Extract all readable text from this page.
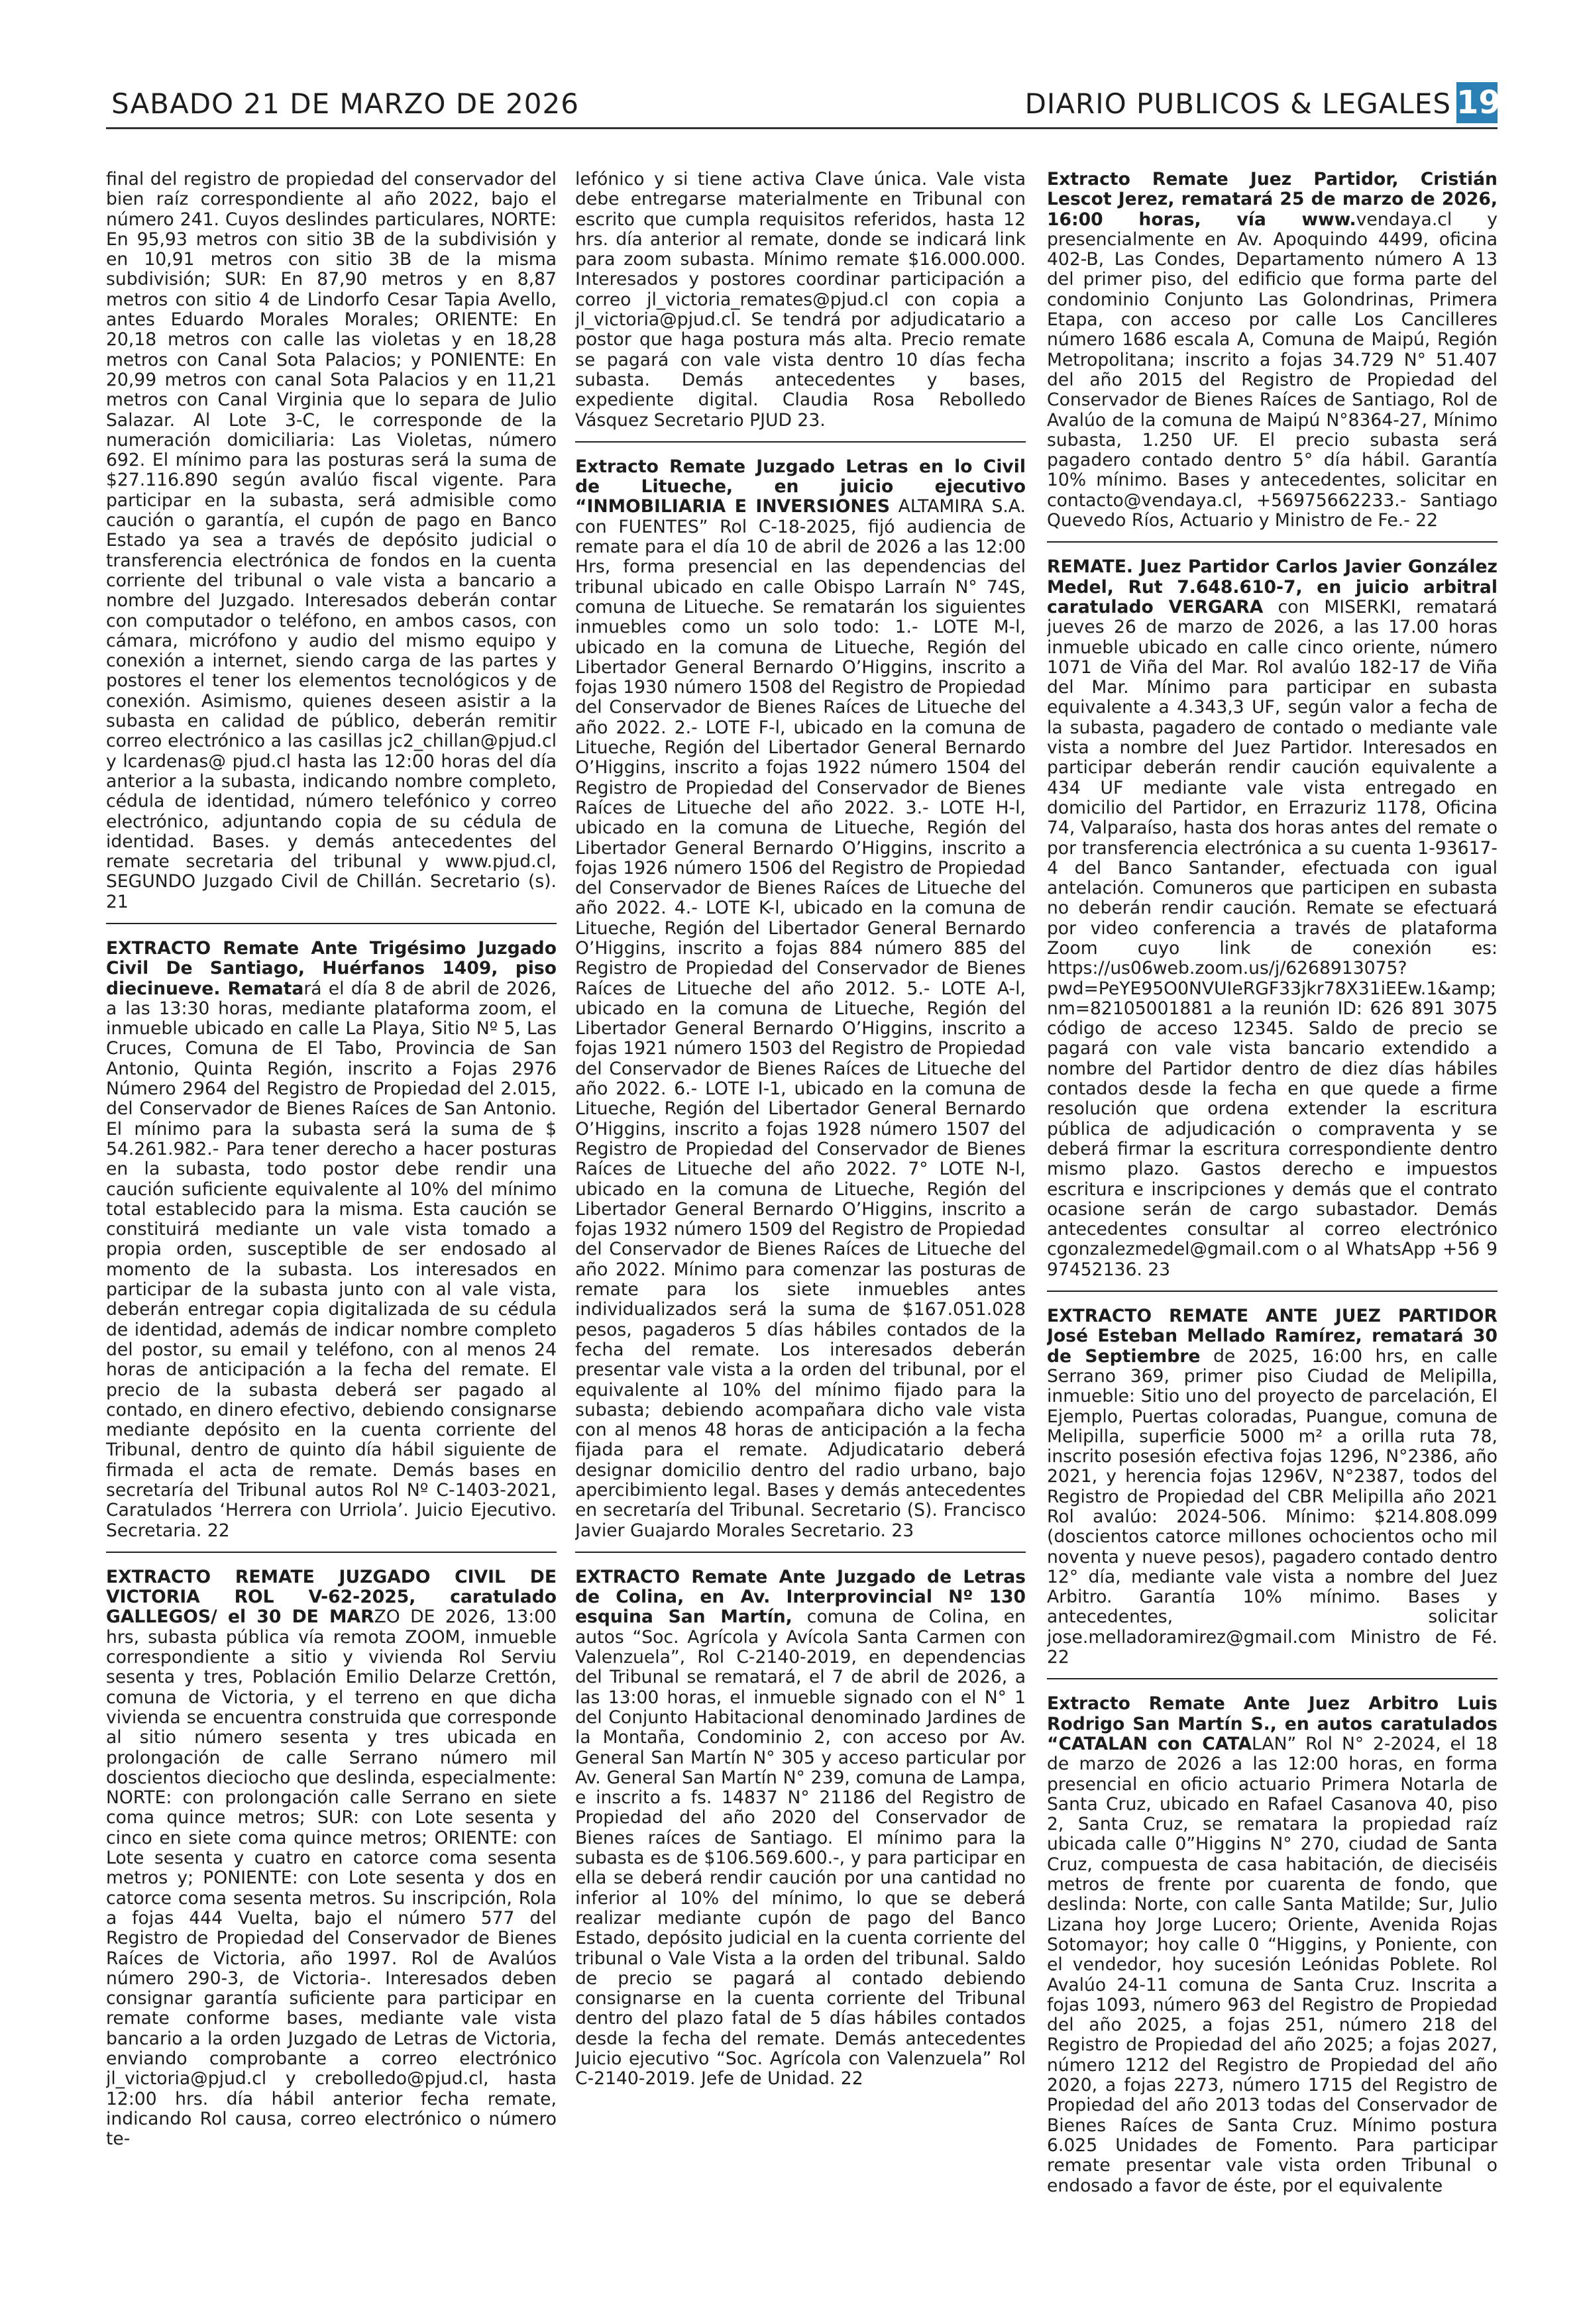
SABADO 21 DE MARZO DE 2026	DIARIO PUBLICOS & LEGALES 19

final del registro de propiedad del conservador del bien raíz correspondiente al año 2022, bajo el número 241. Cuyos deslindes particulares, NORTE: En 95,93 metros con sitio 3B de la subdivisión y en 10,91 metros con sitio 3B de la misma subdivisión; SUR: En 87,90 metros y en 8,87 metros con sitio 4 de Lindorfo Cesar Tapia Avello, antes Eduardo Morales Morales; ORIENTE: En 20,18 metros con calle las violetas y en 18,28 metros con Canal Sota Palacios; y PONIENTE: En 20,99 metros con canal Sota Palacios y en 11,21 metros con Canal Virginia que lo separa de Julio Salazar. Al Lote 3-C, le corresponde de la numeración domiciliaria: Las Violetas, número 692. El mínimo para las posturas será la suma de $27.116.890 según avalúo fiscal vigente. Para participar en la subasta, será admisible como caución o garantía, el cupón de pago en Banco Estado ya sea a través de depósito judicial o transferencia electrónica de fondos en la cuenta corriente del tribunal o vale vista a bancario a nombre del Juzgado. Interesados deberán contar con computador o teléfono, en ambos casos, con cámara, micrófono y audio del mismo equipo y conexión a internet, siendo carga de las partes y postores el tener los elementos tecnológicos y de conexión. Asimismo, quienes deseen asistir a la subasta en calidad de público, deberán remitir correo electrónico a las casillas jc2_chillan@pjud.cl y lcardenas@ pjud.cl hasta las 12:00 horas del día anterior a la subasta, indicando nombre completo, cédula de identidad, número telefónico y correo electrónico, adjuntando copia de su cédula de identidad. Bases. y demás antecedentes del remate secretaria del tribunal y www.pjud.cl, SEGUNDO Juzgado Civil de Chillán. Secretario (s). 21

EXTRACTO Remate Ante Trigésimo Juzgado Civil De Santiago, Huérfanos 1409, piso diecinueve. Rematará el día 8 de abril de 2026, a las 13:30 horas, mediante plataforma zoom, el inmueble ubicado en calle La Playa, Sitio Nº 5, Las Cruces, Comuna de El Tabo, Provincia de San Antonio, Quinta Región, inscrito a Fojas 2976 Número 2964 del Registro de Propiedad del 2.015, del Conservador de Bienes Raíces de San Antonio. El mínimo para la subasta será la suma de $ 54.261.982.- Para tener derecho a hacer posturas en la subasta, todo postor debe rendir una caución suficiente equivalente al 10% del mínimo total establecido para la misma. Esta caución se constituirá mediante un vale vista tomado a propia orden, susceptible de ser endosado al momento de la subasta. Los interesados en participar de la subasta junto con al vale vista, deberán entregar copia digitalizada de su cédula de identidad, además de indicar nombre completo del postor, su email y teléfono, con al menos 24 horas de anticipación a la fecha del remate. El precio de la subasta deberá ser pagado al contado, en dinero efectivo, debiendo consignarse mediante depósito en la cuenta corriente del Tribunal, dentro de quinto día hábil siguiente de firmada el acta de remate. Demás bases en secretaría del Tribunal autos Rol Nº C-1403-2021, Caratulados ‘Herrera con Urriola’. Juicio Ejecutivo. Secretaria. 22

EXTRACTO REMATE JUZGADO CIVIL DE VICTORIA ROL V-62-2025, caratulado GALLEGOS/ el 30 DE MARZO DE 2026, 13:00 hrs, subasta pública vía remota ZOOM, inmueble correspondiente a sitio y vivienda Rol Serviu sesenta y tres, Población Emilio Delarze Crettón, comuna de Victoria, y el terreno en que dicha vivienda se encuentra construida que corresponde al sitio número sesenta y tres ubicada en prolongación de calle Serrano número mil doscientos dieciocho que deslinda, especialmente: NORTE: con prolongación calle Serrano en siete coma quince metros; SUR: con Lote sesenta y cinco en siete coma quince metros; ORIENTE: con Lote sesenta y cuatro en catorce coma sesenta metros y; PONIENTE: con Lote sesenta y dos en catorce coma sesenta metros. Su inscripción, Rola a fojas 444 Vuelta, bajo el número 577 del Registro de Propiedad del Conservador de Bienes Raíces de Victoria, año 1997. Rol de Avalúos número 290-3, de Victoria-. Interesados deben consignar garantía suficiente para participar en remate conforme bases, mediante vale vista bancario a la orden Juzgado de Letras de Victoria, enviando comprobante a correo electrónico jl_victoria@pjud.cl y crebolledo@pjud.cl, hasta 12:00 hrs. día hábil anterior fecha remate, indicando Rol causa, correo electrónico o número te-

lefónico y si tiene activa Clave única. Vale vista debe entregarse materialmente en Tribunal con escrito que cumpla requisitos referidos, hasta 12 hrs. día anterior al remate, donde se indicará link para zoom subasta. Mínimo remate $16.000.000. Interesados y postores coordinar participación a correo jl_victoria_remates@pjud.cl con copia a jl_victoria@pjud.cl. Se tendrá por adjudicatario a postor que haga postura más alta. Precio remate se pagará con vale vista dentro 10 días fecha subasta. Demás antecedentes y bases, expediente digital. Claudia Rosa Rebolledo Vásquez Secretario PJUD 23.

Extracto Remate Juzgado Letras en lo Civil de Litueche, en juicio ejecutivo “INMOBILIARIA E INVERSIONES ALTAMIRA S.A. con FUENTES” Rol C-18-2025, fijó audiencia de remate para el día 10 de abril de 2026 a las 12:00 Hrs, forma presencial en las dependencias del tribunal ubicado en calle Obispo Larraín N° 74S, comuna de Litueche. Se rematarán los siguientes inmuebles como un solo todo: 1.- LOTE M-l, ubicado en la comuna de Litueche, Región del Libertador General Bernardo O’Higgins, inscrito a fojas 1930 número 1508 del Registro de Propiedad del Conservador de Bienes Raíces de Litueche del año 2022. 2.- LOTE F-l, ubicado en la comuna de Litueche, Región del Libertador General Bernardo O’Higgins, inscrito a fojas 1922 número 1504 del Registro de Propiedad del Conservador de Bienes Raíces de Litueche del año 2022. 3.- LOTE H-l, ubicado en la comuna de Litueche, Región del Libertador General Bernardo O’Higgins, inscrito a fojas 1926 número 1506 del Registro de Propiedad del Conservador de Bienes Raíces de Litueche del año 2022. 4.- LOTE K-l, ubicado en la comuna de Litueche, Región del Libertador General Bernardo O’Higgins, inscrito a fojas 884 número 885 del Registro de Propiedad del Conservador de Bienes Raíces de Litueche del año 2012. 5.- LOTE A-l, ubicado en la comuna de Litueche, Región del Libertador General Bernardo O’Higgins, inscrito a fojas 1921 número 1503 del Registro de Propiedad del Conservador de Bienes Raíces de Litueche del año 2022. 6.- LOTE I-1, ubicado en la comuna de Litueche, Región del Libertador General Bernardo O’Higgins, inscrito a fojas 1928 número 1507 del Registro de Propiedad del Conservador de Bienes Raíces de Litueche del año 2022. 7° LOTE N-l, ubicado en la comuna de Litueche, Región del Libertador General Bernardo O’Higgins, inscrito a fojas 1932 número 1509 del Registro de Propiedad del Conservador de Bienes Raíces de Litueche del año 2022. Mínimo para comenzar las posturas de remate para los siete inmuebles antes individualizados será la suma de $167.051.028 pesos, pagaderos 5 días hábiles contados de la fecha del remate. Los interesados deberán presentar vale vista a la orden del tribunal, por el equivalente al 10% del mínimo fijado para la subasta; debiendo acompañara dicho vale vista con al menos 48 horas de anticipación a la fecha fijada para el remate. Adjudicatario deberá designar domicilio dentro del radio urbano, bajo apercibimiento legal. Bases y demás antecedentes en secretaría del Tribunal. Secretario (S). Francisco Javier Guajardo Morales Secretario. 23

EXTRACTO Remate Ante Juzgado de Letras de Colina, en Av. Interprovincial Nº 130 esquina San Martín, comuna de Colina, en autos “Soc. Agrícola y Avícola Santa Carmen con Valenzuela”, Rol C-2140-2019, en dependencias del Tribunal se rematará, el 7 de abril de 2026, a las 13:00 horas, el inmueble signado con el N° 1 del Conjunto Habitacional denominado Jardines de la Montaña, Condominio 2, con acceso por Av. General San Martín N° 305 y acceso particular por Av. General San Martín N° 239, comuna de Lampa, e inscrito a fs. 14837 N° 21186 del Registro de Propiedad del año 2020 del Conservador de Bienes raíces de Santiago. El mínimo para la subasta es de $106.569.600.-, y para participar en ella se deberá rendir caución por una cantidad no inferior al 10% del mínimo, lo que se deberá realizar mediante cupón de pago del Banco Estado, depósito judicial en la cuenta corriente del tribunal o Vale Vista a la orden del tribunal. Saldo de precio se pagará al contado debiendo consignarse en la cuenta corriente del Tribunal dentro del plazo fatal de 5 días hábiles contados desde la fecha del remate. Demás antecedentes Juicio ejecutivo “Soc. Agrícola con Valenzuela” Rol C-2140-2019. Jefe de Unidad. 22

Extracto Remate Juez Partidor, Cristián Lescot Jerez, rematará 25 de marzo de 2026, 16:00 horas, vía www.vendaya.cl y presencialmente en Av. Apoquindo 4499, oficina 402-B, Las Condes, Departamento número A 13 del primer piso, del edificio que forma parte del condominio Conjunto Las Golondrinas, Primera Etapa, con acceso por calle Los Cancilleres número 1686 escala A, Comuna de Maipú, Región Metropolitana; inscrito a fojas 34.729 N° 51.407 del año 2015 del Registro de Propiedad del Conservador de Bienes Raíces de Santiago, Rol de Avalúo de la comuna de Maipú N°8364-27, Mínimo subasta, 1.250 UF. El precio subasta será pagadero contado dentro 5° día hábil. Garantía 10% mínimo. Bases y antecedentes, solicitar en contacto@vendaya.cl, +56975662233.- Santiago Quevedo Ríos, Actuario y Ministro de Fe.- 22

REMATE. Juez Partidor Carlos Javier González Medel, Rut 7.648.610-7, en juicio arbitral caratulado VERGARA con MISERKI, rematará jueves 26 de marzo de 2026, a las 17.00 horas inmueble ubicado en calle cinco oriente, número 1071 de Viña del Mar. Rol avalúo 182-17 de Viña del Mar. Mínimo para participar en subasta equivalente a 4.343,3 UF, según valor a fecha de la subasta, pagadero de contado o mediante vale vista a nombre del Juez Partidor. Interesados en participar deberán rendir caución equivalente a 434 UF mediante vale vista entregado en domicilio del Partidor, en Errazuriz 1178, Oficina 74, Valparaíso, hasta dos horas antes del remate o por transferencia electrónica a su cuenta 1-93617-4 del Banco Santander, efectuada con igual antelación. Comuneros que participen en subasta no deberán rendir caución. Remate se efectuará por video conferencia a través de plataforma Zoom cuyo link de conexión es: https://us06web.zoom.us/j/6268913075?pwd=PeYE95O0NVUIeRGF33jkr78X31iEEw.1&amp;nm=82105001881 a la reunión ID: 626 891 3075 código de acceso 12345. Saldo de precio se pagará con vale vista bancario extendido a nombre del Partidor dentro de diez días hábiles contados desde la fecha en que quede a firme resolución que ordena extender la escritura pública de adjudicación o compraventa y se deberá firmar la escritura correspondiente dentro mismo plazo. Gastos derecho e impuestos escritura e inscripciones y demás que el contrato ocasione serán de cargo subastador. Demás antecedentes consultar al correo electrónico cgonzalezmedel@gmail.com o al WhatsApp +56 9 97452136. 23

EXTRACTO REMATE ANTE JUEZ PARTIDOR José Esteban Mellado Ramírez, rematará 30 de Septiembre de 2025, 16:00 hrs, en calle Serrano 369, primer piso Ciudad de Melipilla, inmueble: Sitio uno del proyecto de parcelación, El Ejemplo, Puertas coloradas, Puangue, comuna de Melipilla, superficie 5000 m² a orilla ruta 78, inscrito posesión efectiva fojas 1296, N°2386, año 2021, y herencia fojas 1296V, N°2387, todos del Registro de Propiedad del CBR Melipilla año 2021 Rol avalúo: 2024-506. Mínimo: $214.808.099 (doscientos catorce millones ochocientos ocho mil noventa y nueve pesos), pagadero contado dentro 12° día, mediante vale vista a nombre del Juez Arbitro. Garantía 10% mínimo. Bases y antecedentes, solicitar jose.melladoramirez@gmail.com Ministro de Fé. 22

Extracto Remate Ante Juez Arbitro Luis Rodrigo San Martín S., en autos caratulados “CATALAN con CATALAN” Rol N° 2-2024, el 18 de marzo de 2026 a las 12:00 horas, en forma presencial en oficio actuario Primera Notarla de Santa Cruz, ubicado en Rafael Casanova 40, piso 2, Santa Cruz, se rematara la propiedad raíz ubicada calle 0”Higgins N° 270, ciudad de Santa Cruz, compuesta de casa habitación, de dieciséis metros de frente por cuarenta de fondo, que deslinda: Norte, con calle Santa Matilde; Sur, Julio Lizana hoy Jorge Lucero; Oriente, Avenida Rojas Sotomayor; hoy calle 0 “Higgins, y Poniente, con el vendedor, hoy sucesión Leónidas Poblete. Rol Avalúo 24-11 comuna de Santa Cruz. Inscrita a fojas 1093, número 963 del Registro de Propiedad del año 2025, a fojas 251, número 218 del Registro de Propiedad del año 2025; a fojas 2027, número 1212 del Registro de Propiedad del año 2020, a fojas 2273, número 1715 del Registro de Propiedad del año 2013 todas del Conservador de Bienes Raíces de Santa Cruz. Mínimo postura 6.025 Unidades de Fomento. Para participar remate presentar vale vista orden Tribunal o endosado a favor de éste, por el equivalente
